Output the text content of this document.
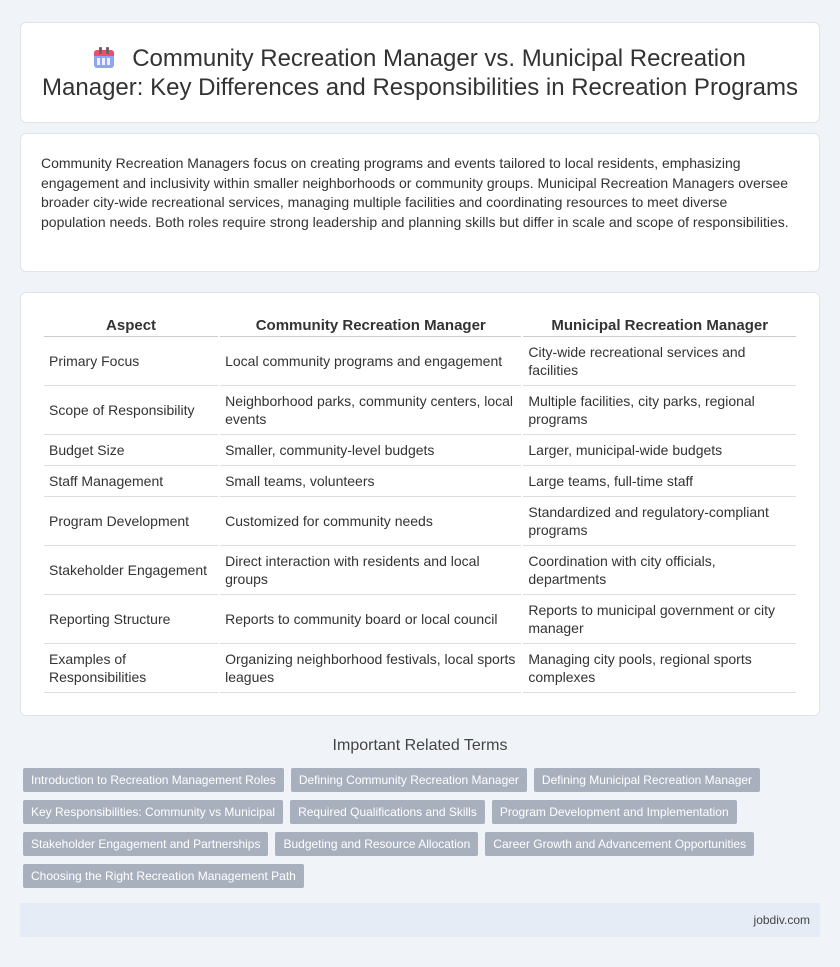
Community Recreation Manager vs. Municipal Recreation Manager: Key Differences and Responsibilities in Recreation Programs

Community Recreation Managers focus on creating programs and events tailored to local residents, emphasizing engagement and inclusivity within smaller neighborhoods or community groups. Municipal Recreation Managers oversee broader city-wide recreational services, managing multiple facilities and coordinating resources to meet diverse population needs. Both roles require strong leadership and planning skills but differ in scale and scope of responsibilities.

Aspect	Community Recreation Manager	Municipal Recreation Manager
Primary Focus	Local community programs and engagement	City-wide recreational services and facilities
Scope of Responsibility	Neighborhood parks, community centers, local events	Multiple facilities, city parks, regional programs
Budget Size	Smaller, community-level budgets	Larger, municipal-wide budgets
Staff Management	Small teams, volunteers	Large teams, full-time staff
Program Development	Customized for community needs	Standardized and regulatory-compliant programs
Stakeholder Engagement	Direct interaction with residents and local groups	Coordination with city officials, departments
Reporting Structure	Reports to community board or local council	Reports to municipal government or city manager
Examples of Responsibilities	Organizing neighborhood festivals, local sports leagues	Managing city pools, regional sports complexes
Important Related Terms
Introduction to Recreation Management Roles	Defining Community Recreation Manager	Defining Municipal Recreation Manager
Key Responsibilities: Community vs Municipal	Required Qualifications and Skills	Program Development and Implementation
Stakeholder Engagement and Partnerships	Budgeting and Resource Allocation	Career Growth and Advancement Opportunities
Choosing the Right Recreation Management Path
jobdiv.com
